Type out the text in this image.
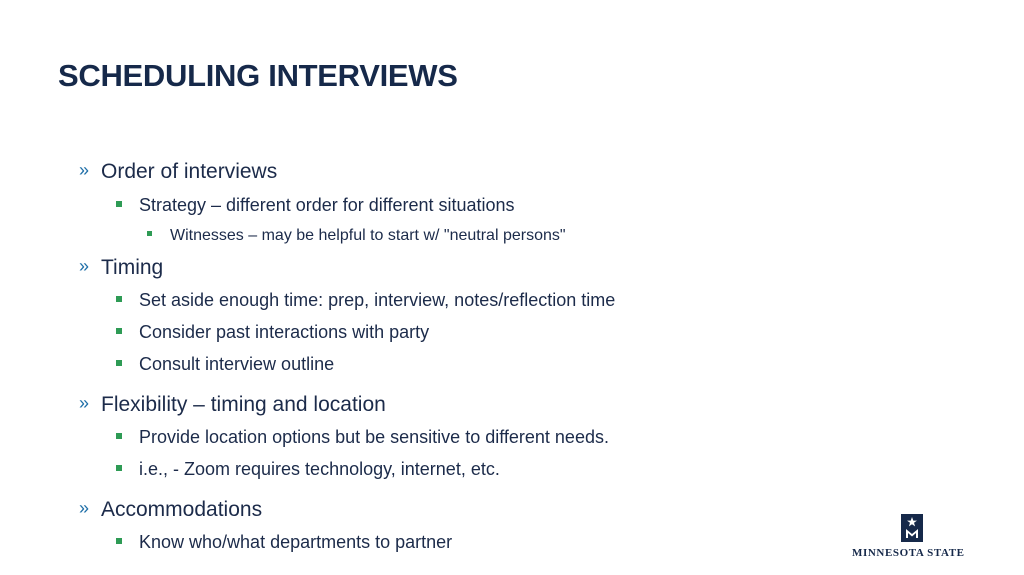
SCHEDULING INTERVIEWS
» Order of interviews
Strategy – different order for different situations
Witnesses – may be helpful to start w/ "neutral persons"
» Timing
Set aside enough time: prep, interview, notes/reflection time
Consider past interactions with party
Consult interview outline
» Flexibility – timing and location
Provide location options but be sensitive to different needs.
i.e., - Zoom requires technology, internet, etc.
» Accommodations
Know who/what departments to partner
MINNESOTA STATE
